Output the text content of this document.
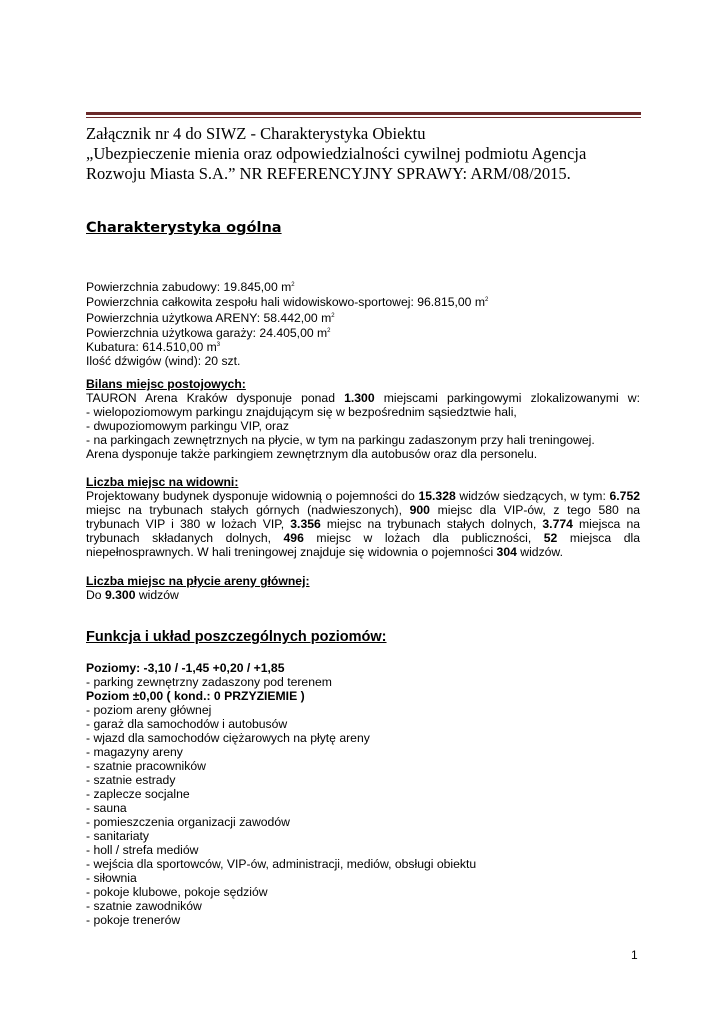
Załącznik nr 4 do SIWZ - Charakterystyka Obiektu
„Ubezpieczenie mienia oraz odpowiedzialności cywilnej podmiotu Agencja
Rozwoju Miasta S.A.” NR REFERENCYJNY SPRAWY: ARM/08/2015.
Charakterystyka ogólna
Powierzchnia zabudowy: 19.845,00 $m^2$
Powierzchnia całkowita zespołu hali widowiskowo-sportowej: 96.815,00 $m^2$
Powierzchnia użytkowa ARENY: 58.442,00 $m^2$
Powierzchnia użytkowa garaży: 24.405,00 $m^2$
Kubatura: 614.510,00 $m^3$
Ilość dźwigów (wind): 20 szt.
Bilans miejsc postojowych:
TAURON Arena Kraków dysponuje ponad 1.300 miejscami parkingowymi zlokalizowanymi w:
- wielopoziomowym parkingu znajdującym się w bezpośrednim sąsiedztwie hali,
- dwupoziomowym parkingu VIP, oraz
- na parkingach zewnętrznych na płycie, w tym na parkingu zadaszonym przy hali treningowej.
Arena dysponuje także parkingiem zewnętrznym dla autobusów oraz dla personelu.
Liczba miejsc na widowni:
Projektowany budynek dysponuje widownią o pojemności do 15.328 widzów siedzących, w tym: 6.752 miejsc na trybunach stałych górnych (nadwieszonych), 900 miejsc dla VIP-ów, z tego 580 na trybunach VIP i 380 w lożach VIP, 3.356 miejsc na trybunach stałych dolnych, 3.774 miejsca na trybunach składanych dolnych, 496 miejsc w lożach dla publiczności, 52 miejsca dla niepełnosprawnych. W hali treningowej znajduje się widownia o pojemności 304 widzów.
Liczba miejsc na płycie areny głównej:
Do 9.300 widzów
Funkcja i układ poszczególnych poziomów:
Poziomy: -3,10 / -1,45 +0,20 / +1,85
- parking zewnętrzny zadaszony pod terenem
Poziom ±0,00 ( kond.: 0 PRZYZIEMIE )
- poziom areny głównej
- garaż dla samochodów i autobusów
- wjazd dla samochodów ciężarowych na płytę areny
- magazyny areny
- szatnie pracowników
- szatnie estrady
- zaplecze socjalne
- sauna
- pomieszczenia organizacji zawodów
- sanitariaty
- holl / strefa mediów
- wejścia dla sportowców, VIP-ów, administracji, mediów, obsługi obiektu
- siłownia
- pokoje klubowe, pokoje sędziów
- szatnie zawodników
- pokoje trenerów
1
